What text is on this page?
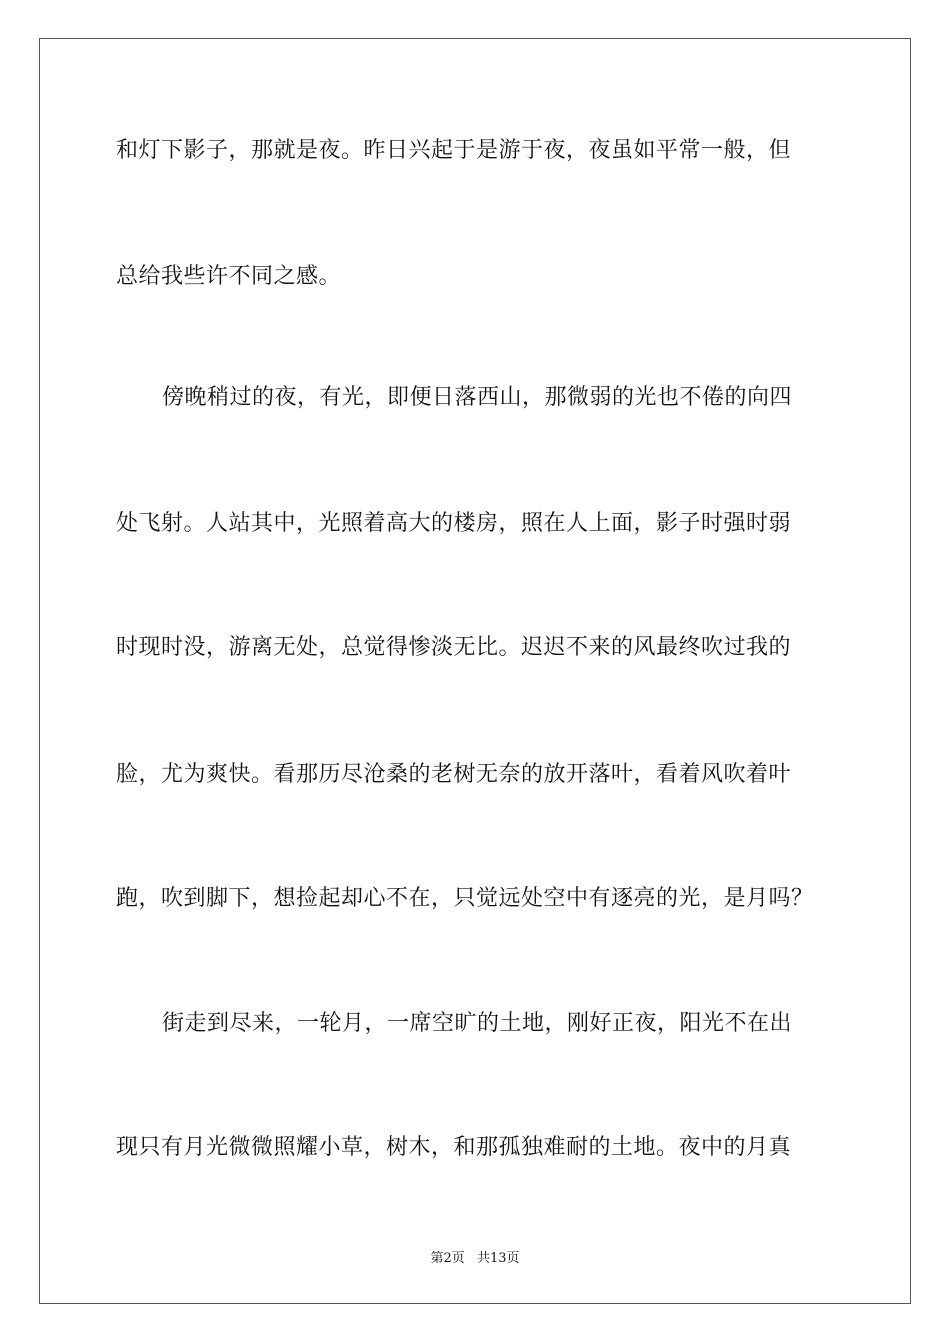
和灯下影子，那就是夜。昨日兴起于是游于夜，夜虽如平常一般，但
总给我些许不同之感。
傍晚稍过的夜，有光，即便日落西山，那微弱的光也不倦的向四
处飞射。人站其中，光照着高大的楼房，照在人上面，影子时强时弱
时现时没，游离无处，总觉得惨淡无比。迟迟不来的风最终吹过我的
脸，尤为爽快。看那历尽沧桑的老树无奈的放开落叶，看着风吹着叶
跑，吹到脚下，想捡起却心不在，只觉远处空中有逐亮的光，是月吗？
街走到尽来，一轮月，一席空旷的土地，刚好正夜，阳光不在出
现只有月光微微照耀小草，树木，和那孤独难耐的土地。夜中的月真
第2页 共13页
